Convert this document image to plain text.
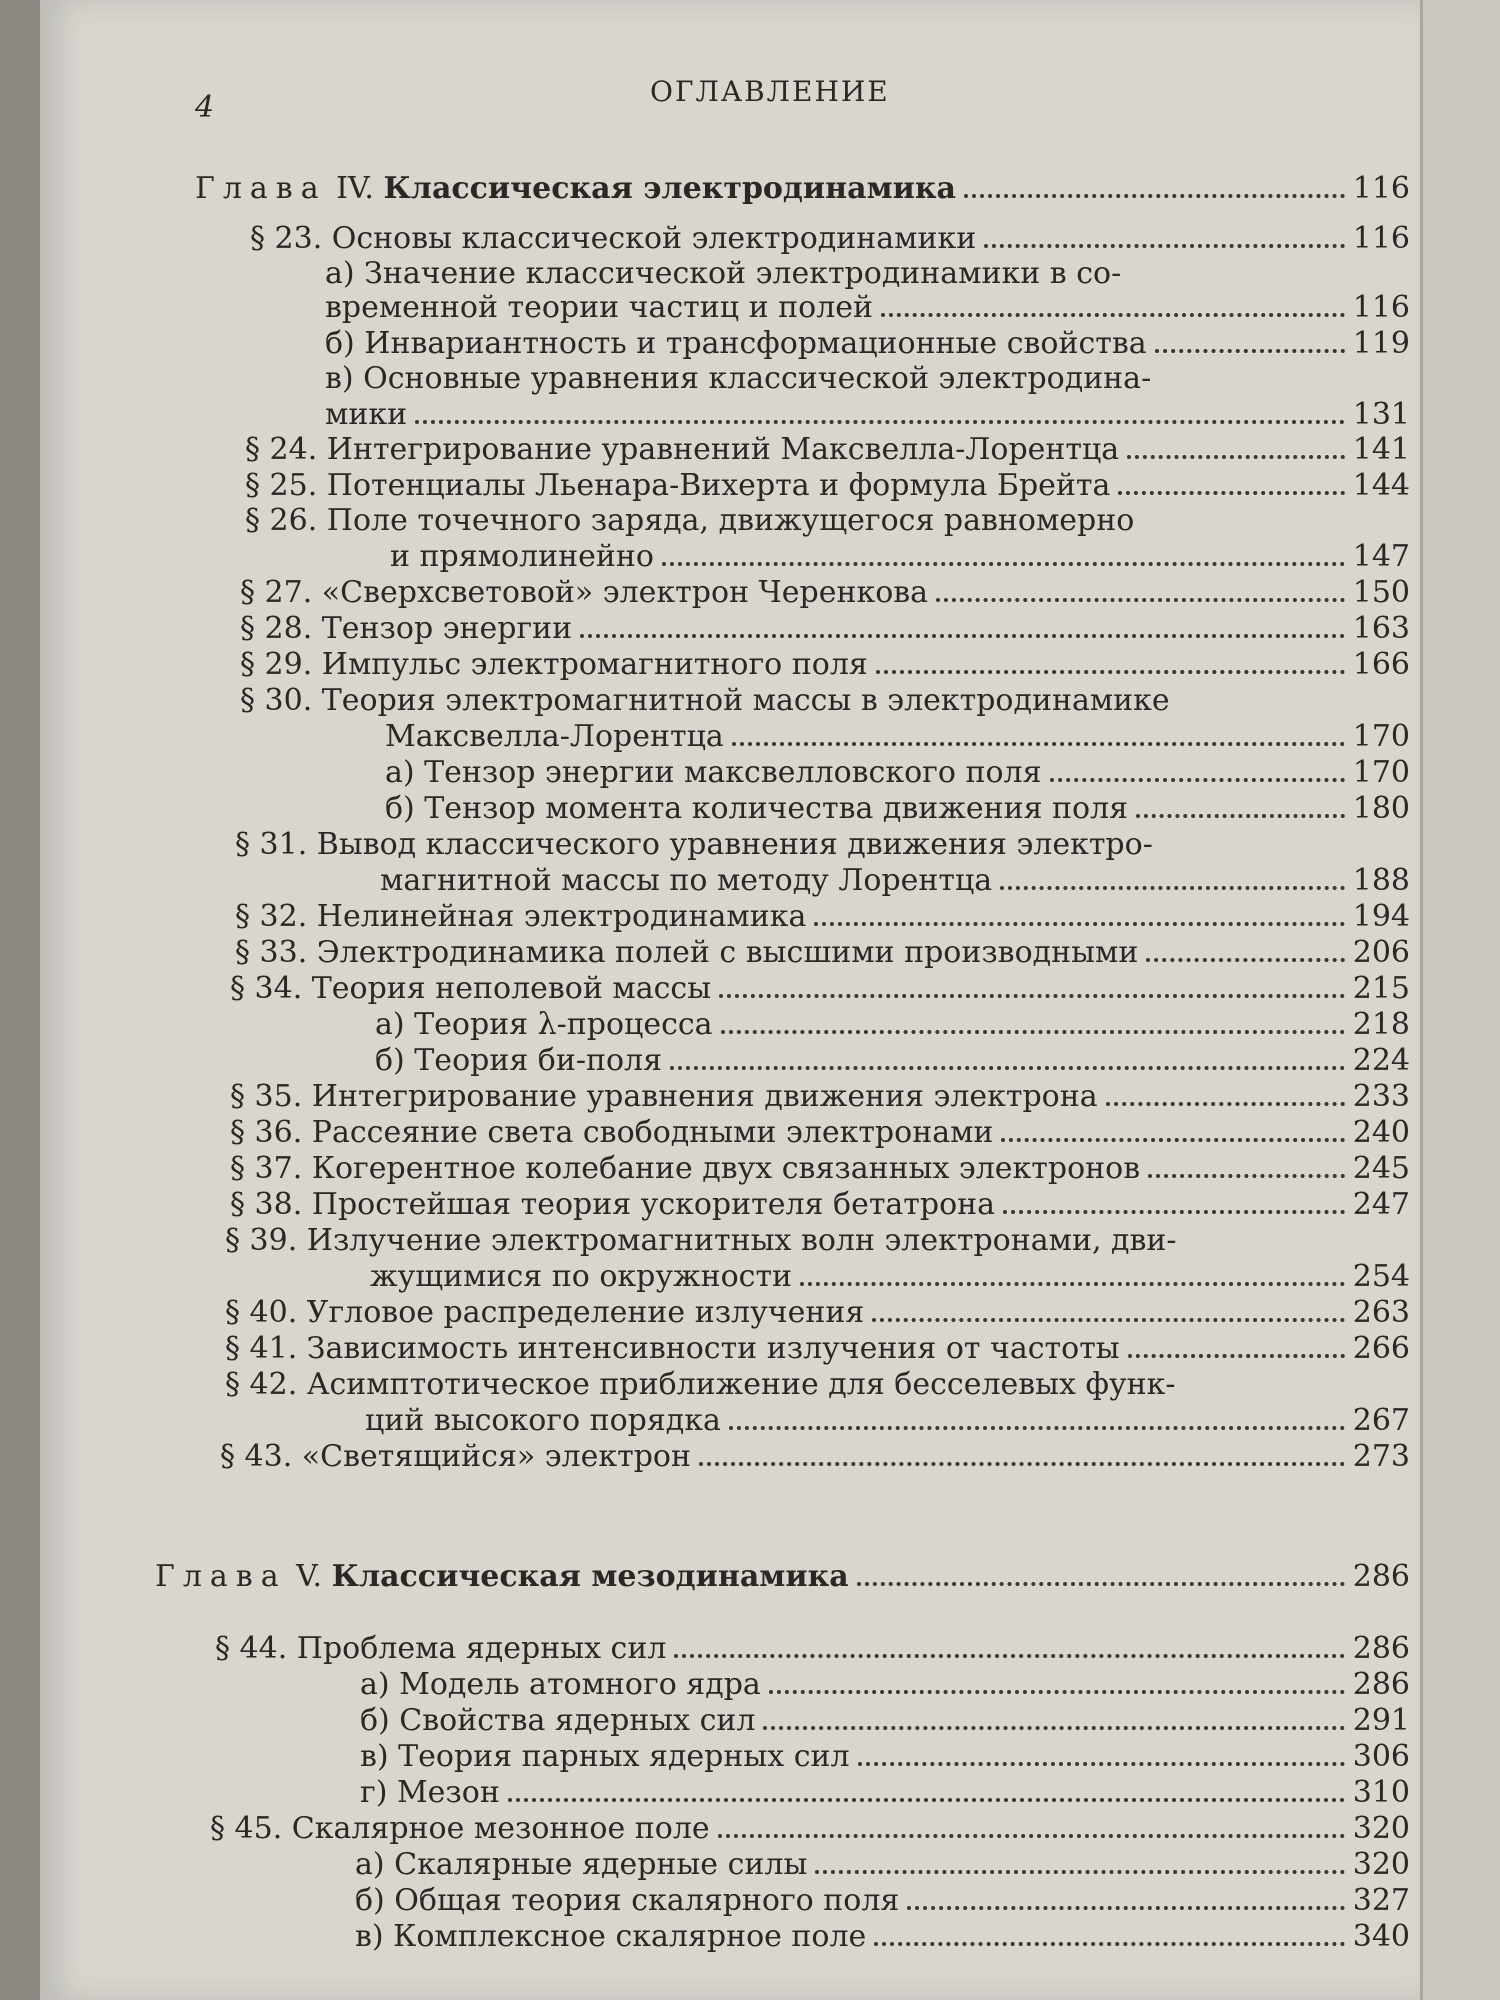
4	ОГЛАВЛЕНИЕ
Глава IV. Классическая электродинамика	116
§ 23. Основы классической электродинамики	116
а) Значение классической электродинамики в со-
временной теории частиц и полей	116
б) Инвариантность и трансформационные свойства	119
в) Основные уравнения классической электродина-
мики	131
§ 24. Интегрирование уравнений Максвелла-Лорентца	141
§ 25. Потенциалы Льенара-Вихерта и формула Брейта	144
§ 26. Поле точечного заряда, движущегося равномерно
и прямолинейно	147
§ 27. «Сверхсветовой» электрон Черенкова	150
§ 28. Тензор энергии	163
§ 29. Импульс электромагнитного поля	166
§ 30. Теория электромагнитной массы в электродинамике
Максвелла-Лорентца	170
а) Тензор энергии максвелловского поля	170
б) Тензор момента количества движения поля	180
§ 31. Вывод классического уравнения движения электро-
магнитной массы по методу Лорентца	188
§ 32. Нелинейная электродинамика	194
§ 33. Электродинамика полей с высшими производными	206
§ 34. Теория неполевой массы	215
а) Теория λ-процесса	218
б) Теория би-поля	224
§ 35. Интегрирование уравнения движения электрона	233
§ 36. Рассеяние света свободными электронами	240
§ 37. Когерентное колебание двух связанных электронов	245
§ 38. Простейшая теория ускорителя бетатрона	247
§ 39. Излучение электромагнитных волн электронами, дви-
жущимися по окружности	254
§ 40. Угловое распределение излучения	263
§ 41. Зависимость интенсивности излучения от частоты	266
§ 42. Асимптотическое приближение для бесселевых функ-
ций высокого порядка	267
§ 43. «Светящийся» электрон	273
Глава V. Классическая мезодинамика	286
§ 44. Проблема ядерных сил	286
а) Модель атомного ядра	286
б) Свойства ядерных сил	291
в) Теория парных ядерных сил	306
г) Мезон	310
§ 45. Скалярное мезонное поле	320
а) Скалярные ядерные силы	320
б) Общая теория скалярного поля	327
в) Комплексное скалярное поле	340
